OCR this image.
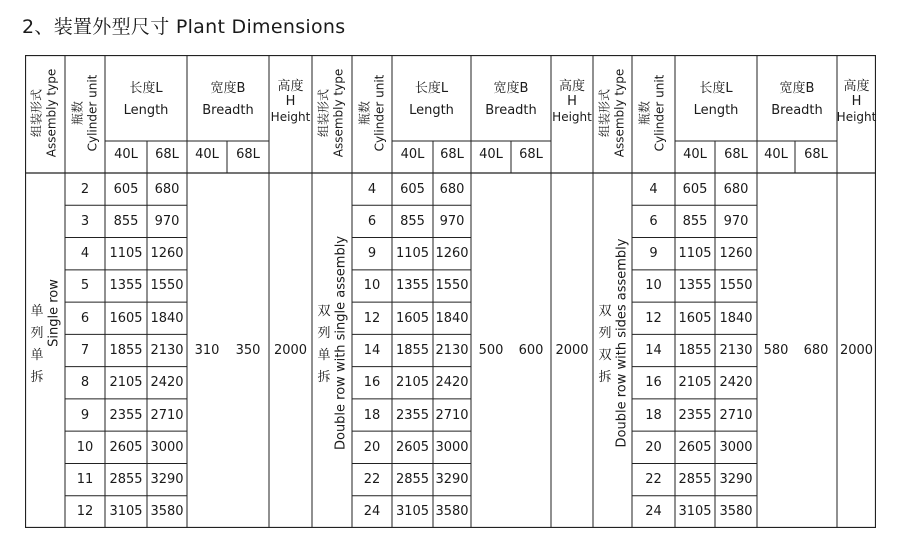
2、装置外型尺寸 Plant Dimensions
组装形式 Assembly type 瓶数 Cylinder unit 长度L
Length
宽度B
Breadth
高度
H
Height
40L 68L 40L 68L
2 605 680
3 855 970
4 1105 1260
5 1355 1550
6 1605 1840
7 1855 2130
8 2105 2420
9 2355 2710
10 2605 3000
11 2855 3290
12 3105 3580
310 350 2000
单
列
单
拆
Single row
组装形式 Assembly type 瓶数 Cylinder unit 长度L
Length
宽度B
Breadth
高度
H
Height
40L 68L 40L 68L
4 605 680
6 855 970
9 1105 1260
10 1355 1550
12 1605 1840
14 1855 2130
16 2105 2420
18 2355 2710
20 2605 3000
22 2855 3290
24 3105 3580
500 600 2000
双
列
单
拆 Double row with single assembly
组装形式 Assembly type 瓶数 Cylinder unit	长度L
Length
宽度B
Breadth
高度
H
Height
40L 68L 40L 68L
4 605 680
6 855 970
9 1105 1260
10 1355 1550
12 1605 1840
14 1855 2130
16 2105 2420
18 2355 2710
20 2605 3000
22 2855 3290
24 3105 3580
580 680 2000
双
列
双
拆 Double row with sides assembly
